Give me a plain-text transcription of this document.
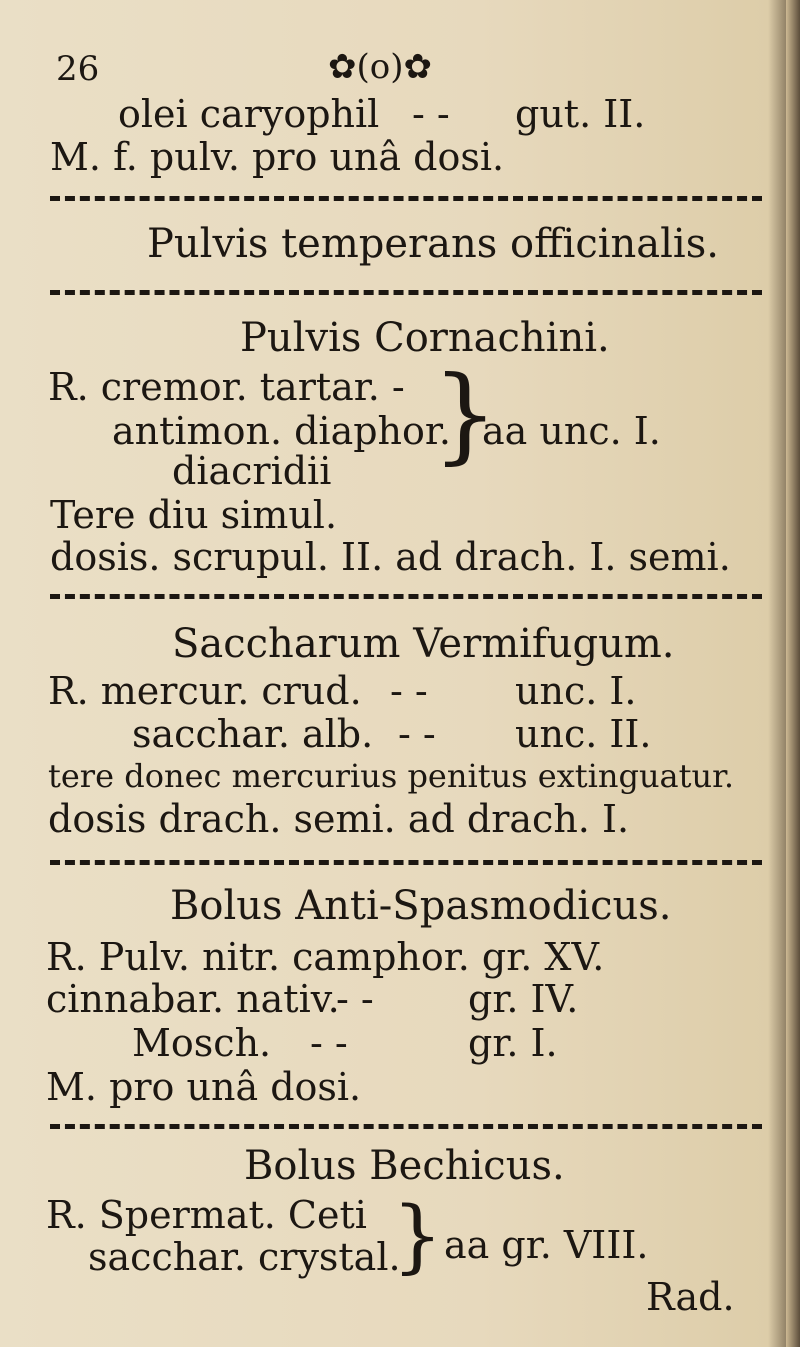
26	✿(o)✿
olei caryophil - - gut. II.
M. f. pulv. pro unâ dosi.
Pulvis temperans officinalis.
Pulvis Cornachini.
R. cremor. tartar. -
antimon. diaphor.
diacridii }
aa unc. I.
Tere diu simul.
dosis. scrupul. II. ad drach. I. semi.
Saccharum Vermifugum.
R. mercur. crud. - - unc. I.
sacchar. alb. - - unc. II.
tere donec mercurius penitus extinguatur.
dosis drach. semi. ad drach. I.
Bolus Anti-Spasmodicus.
R. Pulv. nitr. camphor. gr. XV.
cinnabar. nativ.
- - gr. IV.
Mosch. - -	gr. I.
M. pro unâ dosi.
Bolus Bechicus.
R. Spermat. Ceti
sacchar. crystal.
} aa gr. VIII.
Rad.
